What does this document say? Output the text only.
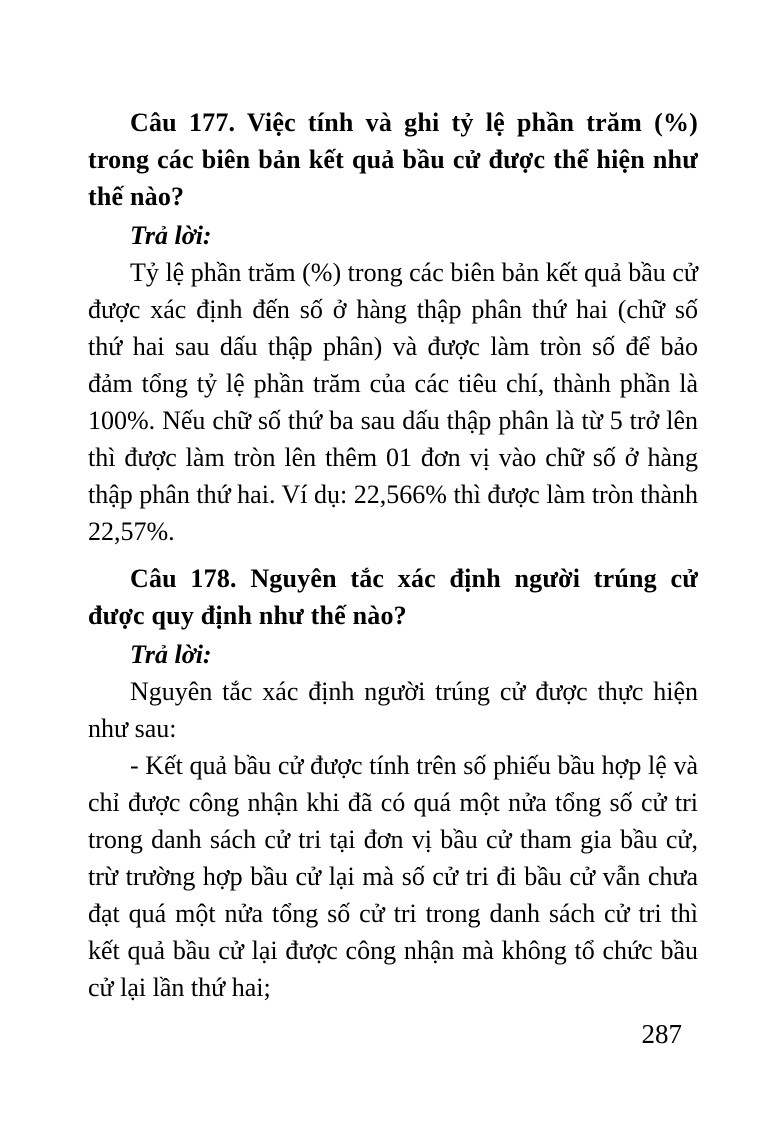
Câu 177. Việc tính và ghi tỷ lệ phần trăm (%) trong các biên bản kết quả bầu cử được thể hiện như thế nào?

Trả lời:

Tỷ lệ phần trăm (%) trong các biên bản kết quả bầu cử được xác định đến số ở hàng thập phân thứ hai (chữ số thứ hai sau dấu thập phân) và được làm tròn số để bảo đảm tổng tỷ lệ phần trăm của các tiêu chí, thành phần là 100%. Nếu chữ số thứ ba sau dấu thập phân là từ 5 trở lên thì được làm tròn lên thêm 01 đơn vị vào chữ số ở hàng thập phân thứ hai. Ví dụ: 22,566% thì được làm tròn thành 22,57%.

Câu 178. Nguyên tắc xác định người trúng cử được quy định như thế nào?

Trả lời:

Nguyên tắc xác định người trúng cử được thực hiện như sau:

- Kết quả bầu cử được tính trên số phiếu bầu hợp lệ và chỉ được công nhận khi đã có quá một nửa tổng số cử tri trong danh sách cử tri tại đơn vị bầu cử tham gia bầu cử, trừ trường hợp bầu cử lại mà số cử tri đi bầu cử vẫn chưa đạt quá một nửa tổng số cử tri trong danh sách cử tri thì kết quả bầu cử lại được công nhận mà không tổ chức bầu cử lại lần thứ hai;

287
